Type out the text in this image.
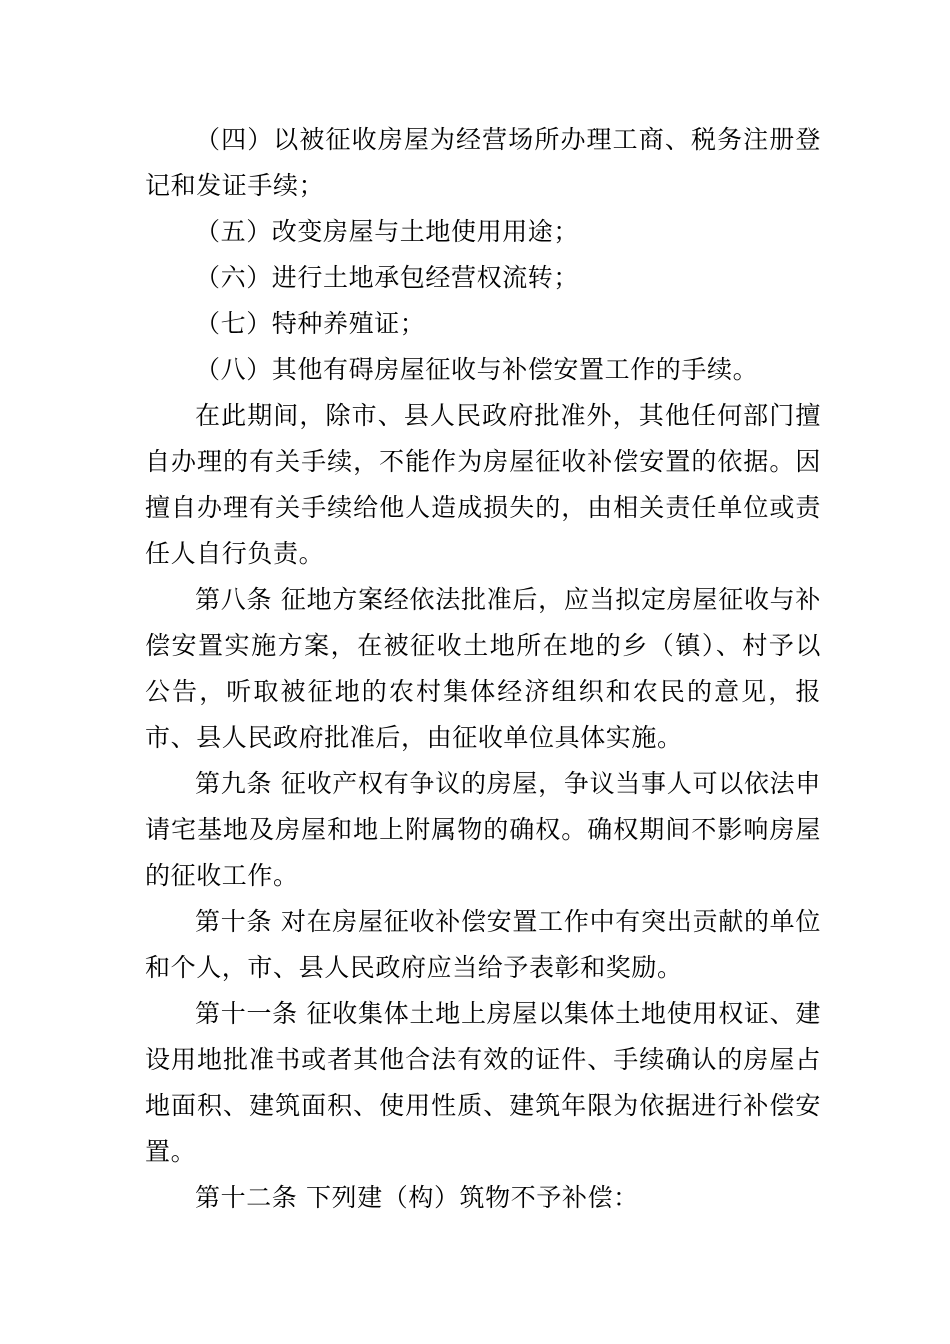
（四）以被征收房屋为经营场所办理工商、税务注册登记和发证手续；

（五）改变房屋与土地使用用途；

（六）进行土地承包经营权流转；

（七）特种养殖证；

（八）其他有碍房屋征收与补偿安置工作的手续。

在此期间，除市、县人民政府批准外，其他任何部门擅自办理的有关手续，不能作为房屋征收补偿安置的依据。因擅自办理有关手续给他人造成损失的，由相关责任单位或责任人自行负责。

第八条 征地方案经依法批准后，应当拟定房屋征收与补偿安置实施方案，在被征收土地所在地的乡（镇）、村予以公告，听取被征地的农村集体经济组织和农民的意见，报市、县人民政府批准后，由征收单位具体实施。

第九条 征收产权有争议的房屋，争议当事人可以依法申请宅基地及房屋和地上附属物的确权。确权期间不影响房屋的征收工作。

第十条 对在房屋征收补偿安置工作中有突出贡献的单位和个人，市、县人民政府应当给予表彰和奖励。

第十一条 征收集体土地上房屋以集体土地使用权证、建设用地批准书或者其他合法有效的证件、手续确认的房屋占地面积、建筑面积、使用性质、建筑年限为依据进行补偿安置。

第十二条 下列建（构）筑物不予补偿：
